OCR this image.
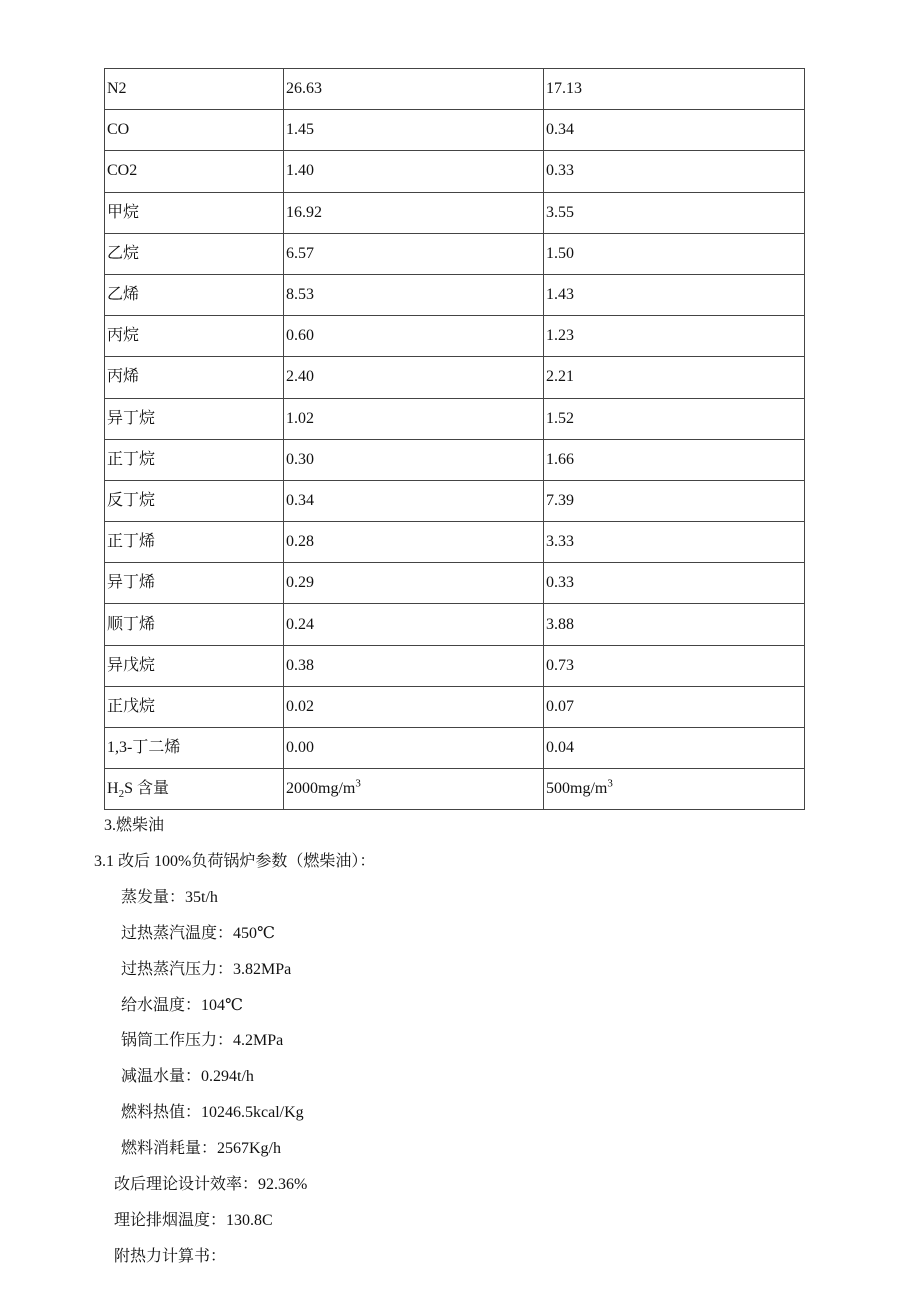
N2	26.63	17.13
CO	1.45	0.34
CO2	1.40	0.33
甲烷	16.92	3.55
乙烷	6.57	1.50
乙烯	8.53	1.43
丙烷	0.60	1.23
丙烯	2.40	2.21
异丁烷	1.02	1.52
正丁烷	0.30	1.66
反丁烷	0.34	7.39
正丁烯	0.28	3.33
异丁烯	0.29	0.33
顺丁烯	0.24	3.88
异戊烷	0.38	0.73
正戊烷	0.02	0.07
1,3-丁二烯	0.00	0.04
$H_2S$ 含量	$2000mg/m^3$	$500mg/m^3$
3.燃柴油
3.1 改后 100%负荷锅炉参数（燃柴油）：
蒸发量：35t/h
过热蒸汽温度：450℃
过热蒸汽压力：3.82MPa
给水温度：104℃
锅筒工作压力：4.2MPa
减温水量：0.294t/h
燃料热值：10246.5kcal/Kg
燃料消耗量：2567Kg/h
改后理论设计效率：92.36%
理论排烟温度：130.8C
附热力计算书：
